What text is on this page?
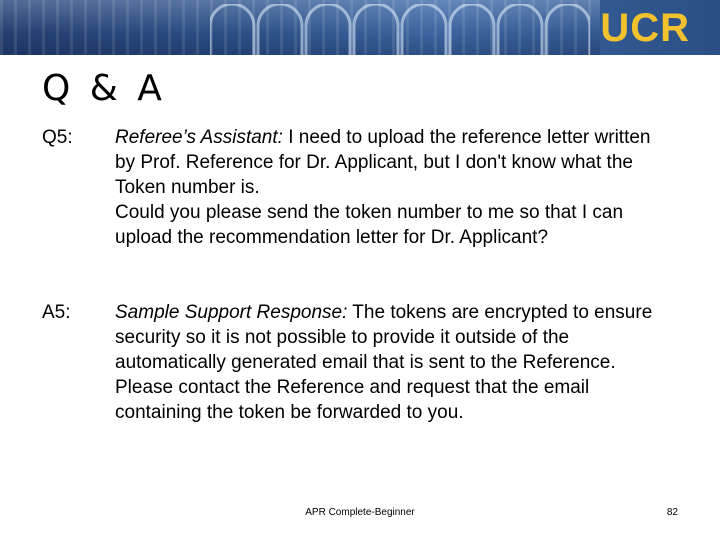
UCR
Q & A
Q5:	Referee’s Assistant: I need to upload the reference letter written by Prof. Reference for Dr. Applicant, but I don't know what the Token number is.

Could you please send the token number to me so that I can upload the recommendation letter for Dr. Applicant?

A5:	Sample Support Response: The tokens are encrypted to ensure security so it is not possible to provide it outside of the automatically generated email that is sent to the Reference.

Please contact the Reference and request that the email containing the token be forwarded to you.

APR Complete-Beginner	82
